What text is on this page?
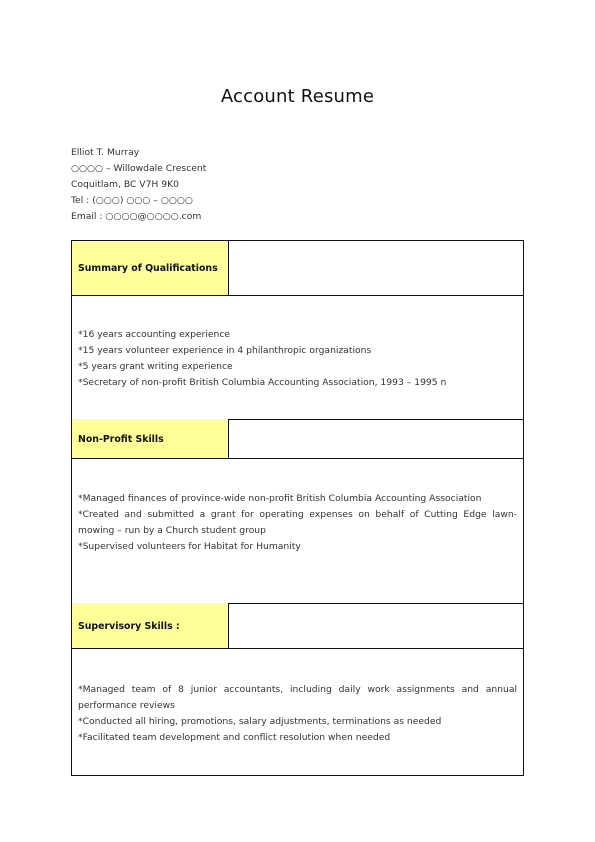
Account Resume
Elliot T. Murray
○○○○ – Willowdale Crescent
Coquitlam, BC V7H 9K0
Tel : (○○○) ○○○ – ○○○○
Email : ○○○○@○○○○.com
Summary of Qualifications
*16 years accounting experience
*15 years volunteer experience in 4 philanthropic organizations
*5 years grant writing experience
*Secretary of non-profit British Columbia Accounting Association, 1993 – 1995 n
Non-Profit Skills
*Managed finances of province-wide non-profit British Columbia Accounting Association
*Created and submitted a grant for operating expenses on behalf of Cutting Edge lawn-mowing – run by a Church student group
*Supervised volunteers for Habitat for Humanity
Supervisory Skills :
*Managed team of 8 junior accountants, including daily work assignments and annual performance reviews
*Conducted all hiring, promotions, salary adjustments, terminations as needed
*Facilitated team development and conflict resolution when needed
